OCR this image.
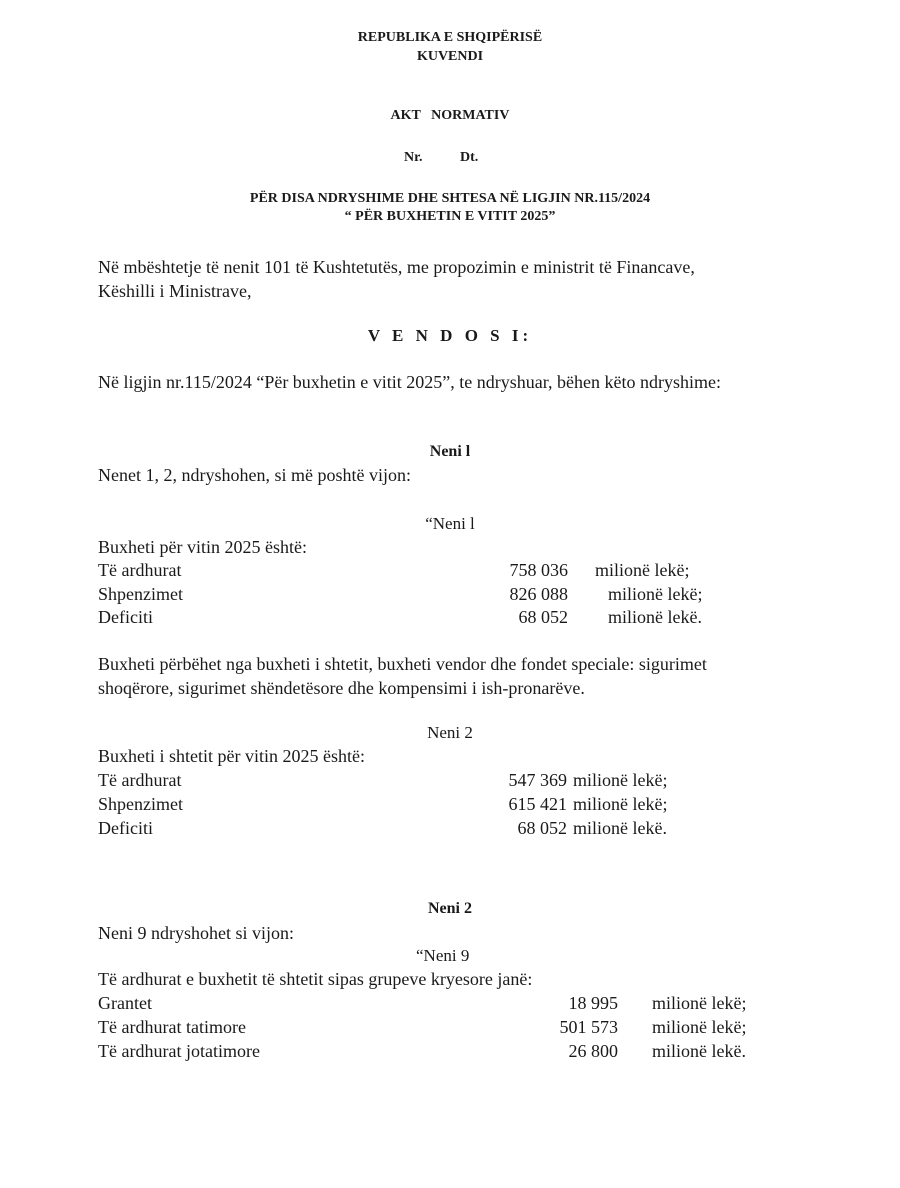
REPUBLIKA E SHQIPËRISË
KUVENDI
AKT   NORMATIV
Nr.	Dt.
PËR DISA NDRYSHIME DHE SHTESA NË LIGJIN NR.115/2024
“ PËR BUXHETIN E VITIT 2025”
Në mbështetje të nenit 101 të Kushtetutës, me propozimin e ministrit të Financave,
Këshilli i Ministrave,
V E N D O S I:
Në ligjin nr.115/2024 “Për buxhetin e vitit 2025”, te ndryshuar, bëhen këto ndryshime:
Neni l
Nenet 1, 2, ndryshohen, si më poshtë vijon:
“Neni l
Buxheti për vitin 2025 është:
Të ardhurat	758 036 milionë lekë;
Shpenzimet	826 088 milionë lekë;
Deficiti	68 052 milionë lekë.
Buxheti përbëhet nga buxheti i shtetit, buxheti vendor dhe fondet speciale: sigurimet
shoqërore, sigurimet shëndetësore dhe kompensimi i ish-pronarëve.
Neni 2
Buxheti i shtetit për vitin 2025 është:
Të ardhurat	547 369 milionë lekë;
Shpenzimet	615 421 milionë lekë;
Deficiti	68 052 milionë lekë.
Neni 2
Neni 9 ndryshohet si vijon:
“Neni 9
Të ardhurat e buxhetit të shtetit sipas grupeve kryesore janë:
Grantet	18 995 milionë lekë;
Të ardhurat tatimore	501 573 milionë lekë;
Të ardhurat jotatimore	26 800 milionë lekë.
